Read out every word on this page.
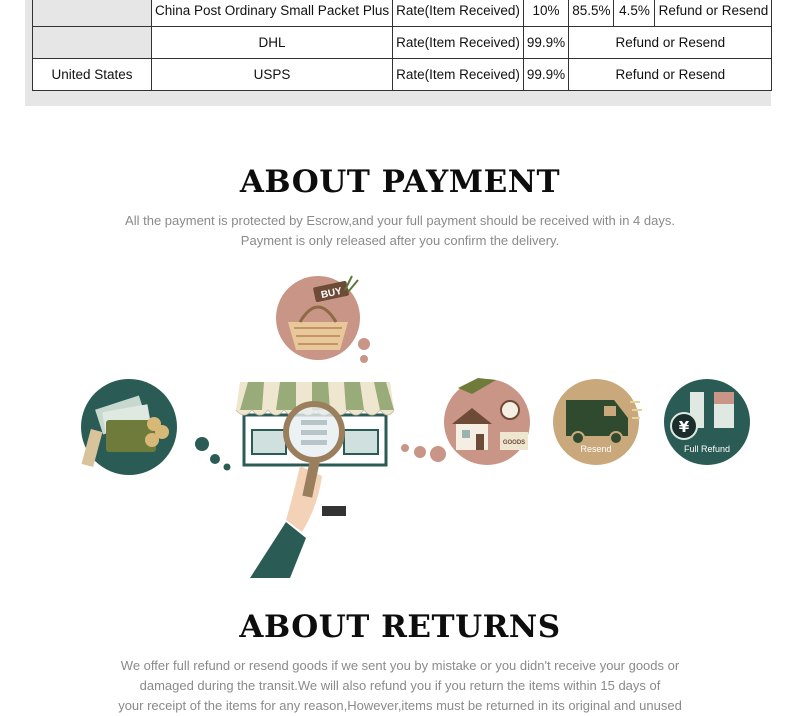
	China Post Ordinary Small Packet Plus	Rate(Item Received)	10%	85.5%	4.5%	Refund or Resend
	DHL	Rate(Item Received)	99.9%	Refund or Resend		
United States	USPS	Rate(Item Received)	99.9%	Refund or Resend		
ABOUT PAYMENT
All the payment is protected by Escrow,and your full payment should be received with in 4 days.
Payment is only released after you confirm the delivery.
BUY
GOODS
Resend
¥
Full Refund
ABOUT RETURNS
We offer full refund or resend goods if we sent you by mistake or you didn't receive your goods or
damaged during the transit.We will also refund you if you return the items within 15 days of
your receipt of the items for any reason,However,items must be returned in its original and unused
